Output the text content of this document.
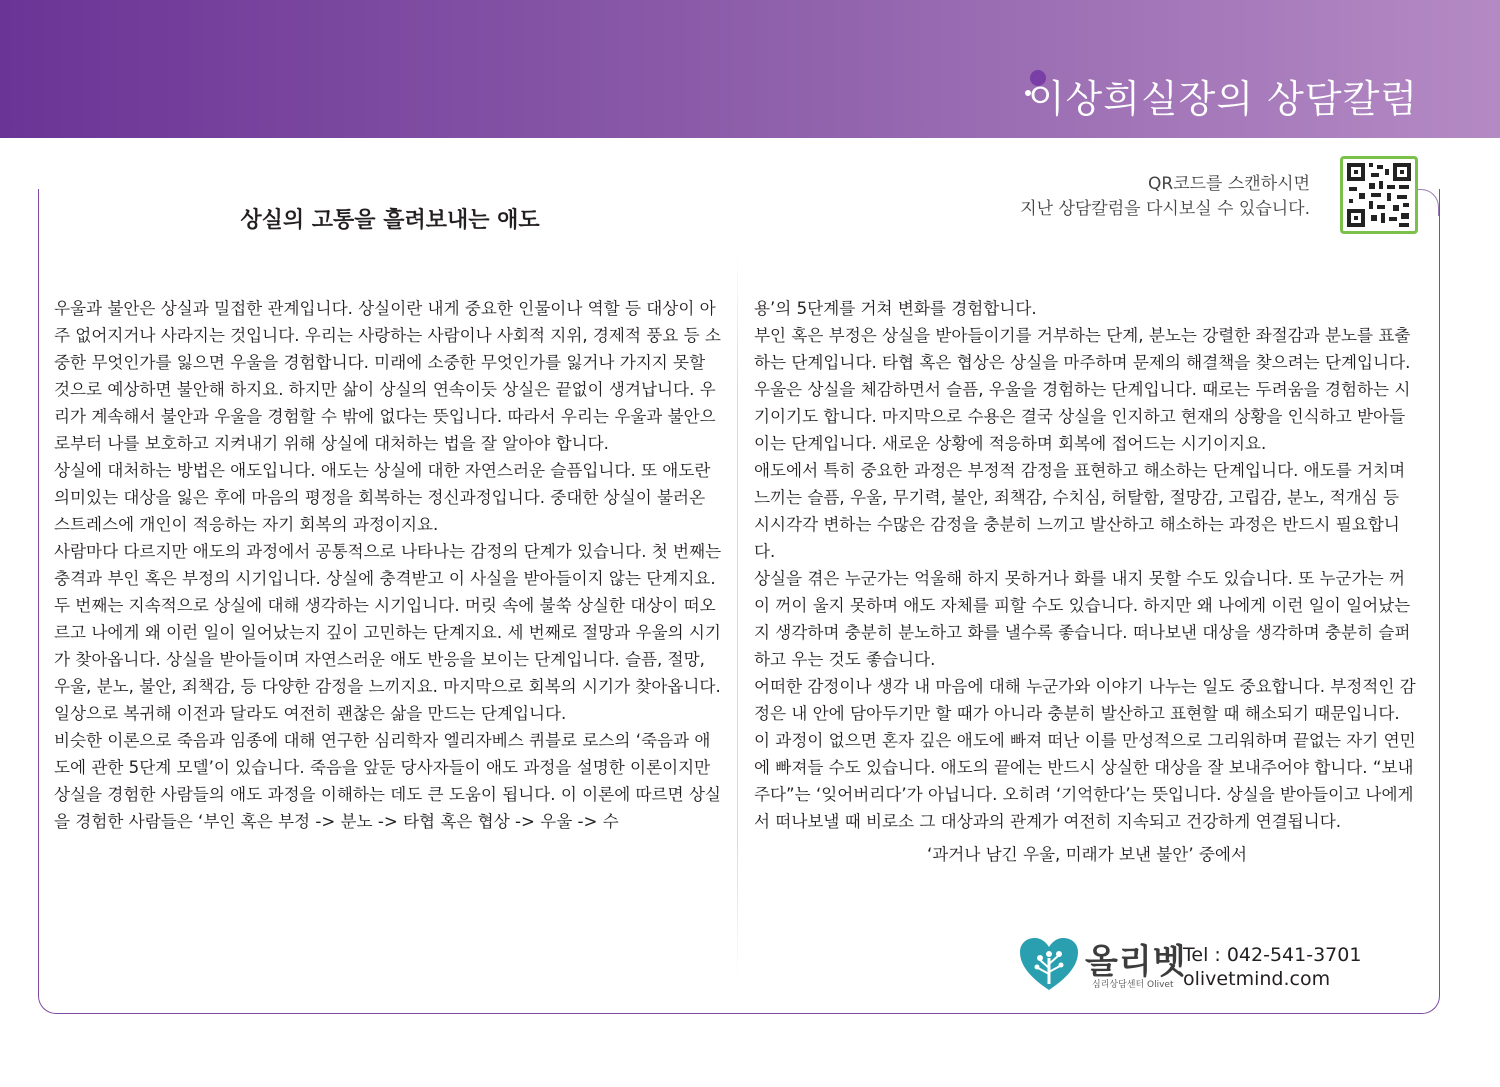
이상희실장의 상담칼럼
상실의 고통을 흘려보내는 애도
QR코드를 스캔하시면
지난 상담칼럼을 다시보실 수 있습니다.

우울과 불안은 상실과 밀접한 관계입니다. 상실이란 내게 중요한 인물이나 역할 등 대상이 아주 없어지거나 사라지는 것입니다. 우리는 사랑하는 사람이나 사회적 지위, 경제적 풍요 등 소중한 무엇인가를 잃으면 우울을 경험합니다. 미래에 소중한 무엇인가를 잃거나 가지지 못할 것으로 예상하면 불안해 하지요. 하지만 삶이 상실의 연속이듯 상실은 끝없이 생겨납니다. 우리가 계속해서 불안과 우울을 경험할 수 밖에 없다는 뜻입니다. 따라서 우리는 우울과 불안으로부터 나를 보호하고 지켜내기 위해 상실에 대처하는 법을 잘 알아야 합니다.

상실에 대처하는 방법은 애도입니다. 애도는 상실에 대한 자연스러운 슬픔입니다. 또 애도란 의미있는 대상을 잃은 후에 마음의 평정을 회복하는 정신과정입니다. 중대한 상실이 불러온 스트레스에 개인이 적응하는 자기 회복의 과정이지요.

사람마다 다르지만 애도의 과정에서 공통적으로 나타나는 감정의 단계가 있습니다. 첫 번째는 충격과 부인 혹은 부정의 시기입니다. 상실에 충격받고 이 사실을 받아들이지 않는 단계지요. 두 번째는 지속적으로 상실에 대해 생각하는 시기입니다. 머릿 속에 불쑥 상실한 대상이 떠오르고 나에게 왜 이런 일이 일어났는지 깊이 고민하는 단계지요. 세 번째로 절망과 우울의 시기가 찾아옵니다. 상실을 받아들이며 자연스러운 애도 반응을 보이는 단계입니다. 슬픔, 절망, 우울, 분노, 불안, 죄책감, 등 다양한 감정을 느끼지요. 마지막으로 회복의 시기가 찾아옵니다. 일상으로 복귀해 이전과 달라도 여전히 괜찮은 삶을 만드는 단계입니다.

비슷한 이론으로 죽음과 임종에 대해 연구한 심리학자 엘리자베스 퀴블로 로스의 ‘죽음과 애도에 관한 5단계 모델’이 있습니다. 죽음을 앞둔 당사자들이 애도 과정을 설명한 이론이지만 상실을 경험한 사람들의 애도 과정을 이해하는 데도 큰 도움이 됩니다. 이 이론에 따르면 상실을 경험한 사람들은 ‘부인 혹은 부정 -> 분노 -> 타협 혹은 협상 -> 우울 -> 수

용’의 5단계를 거쳐 변화를 경험합니다.

부인 혹은 부정은 상실을 받아들이기를 거부하는 단계, 분노는 강렬한 좌절감과 분노를 표출하는 단계입니다. 타협 혹은 협상은 상실을 마주하며 문제의 해결책을 찾으려는 단계입니다. 우울은 상실을 체감하면서 슬픔, 우울을 경험하는 단계입니다. 때로는 두려움을 경험하는 시기이기도 합니다. 마지막으로 수용은 결국 상실을 인지하고 현재의 상황을 인식하고 받아들이는 단계입니다. 새로운 상황에 적응하며 회복에 접어드는 시기이지요.

애도에서 특히 중요한 과정은 부정적 감정을 표현하고 해소하는 단계입니다. 애도를 거치며 느끼는 슬픔, 우울, 무기력, 불안, 죄책감, 수치심, 허탈함, 절망감, 고립감, 분노, 적개심 등 시시각각 변하는 수많은 감정을 충분히 느끼고 발산하고 해소하는 과정은 반드시 필요합니다.

상실을 겪은 누군가는 억울해 하지 못하거나 화를 내지 못할 수도 있습니다. 또 누군가는 꺼이 꺼이 울지 못하며 애도 자체를 피할 수도 있습니다. 하지만 왜 나에게 이런 일이 일어났는지 생각하며 충분히 분노하고 화를 낼수록 좋습니다. 떠나보낸 대상을 생각하며 충분히 슬퍼하고 우는 것도 좋습니다.

어떠한 감정이나 생각 내 마음에 대해 누군가와 이야기 나누는 일도 중요합니다. 부정적인 감정은 내 안에 담아두기만 할 때가 아니라 충분히 발산하고 표현할 때 해소되기 때문입니다. 이 과정이 없으면 혼자 깊은 애도에 빠져 떠난 이를 만성적으로 그리워하며 끝없는 자기 연민에 빠져들 수도 있습니다. 애도의 끝에는 반드시 상실한 대상을 잘 보내주어야 합니다. “보내주다”는 ‘잊어버리다’가 아닙니다. 오히려 ‘기억한다’는 뜻입니다. 상실을 받아들이고 나에게서 떠나보낼 때 비로소 그 대상과의 관계가 여전히 지속되고 건강하게 연결됩니다.

‘과거나 남긴 우울, 미래가 보낸 불안’ 중에서

올리벳
심리상담센터 Olivet
Tel : 042-541-3701
olivetmind.com
